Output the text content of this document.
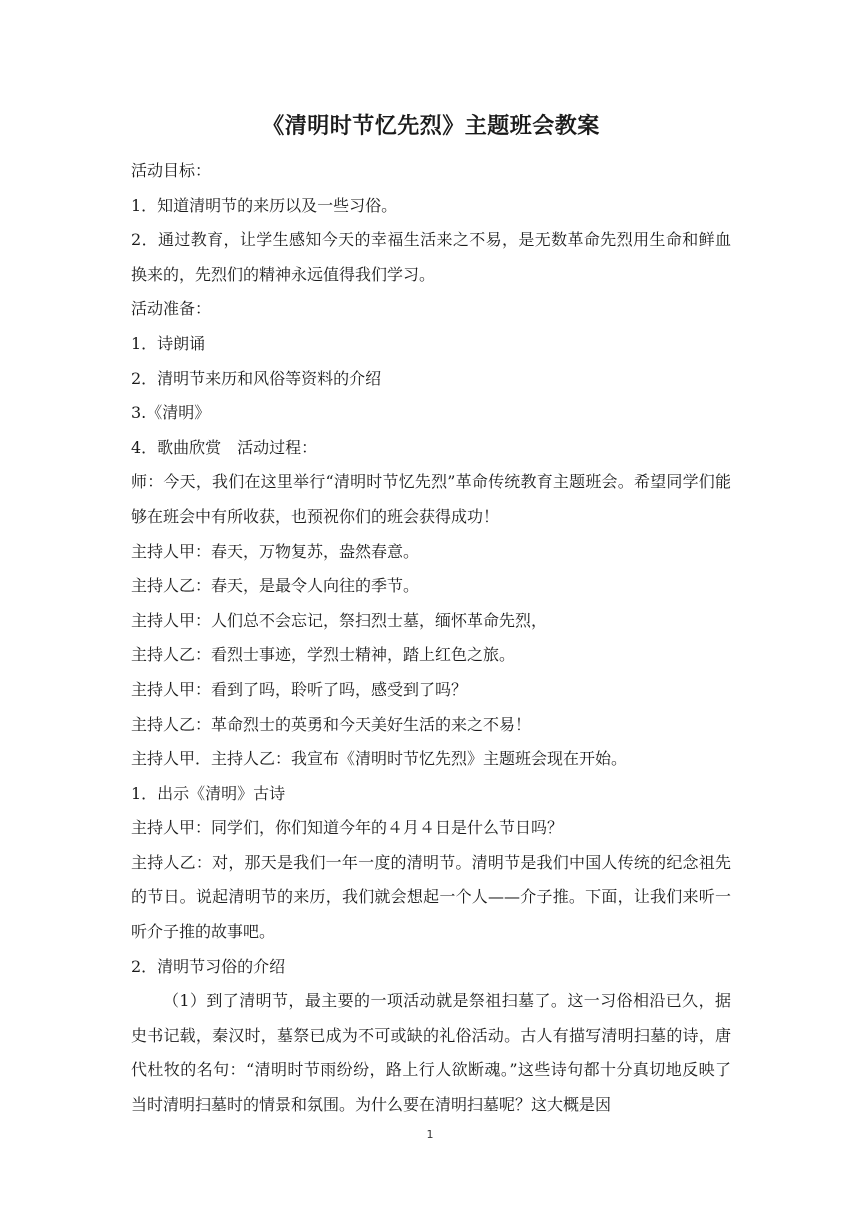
《清明时节忆先烈》主题班会教案

活动目标：

1．知道清明节的来历以及一些习俗。

2．通过教育，让学生感知今天的幸福生活来之不易，是无数革命先烈用生命和鲜血换来的，先烈们的精神永远值得我们学习。

活动准备：

1．诗朗诵

2．清明节来历和风俗等资料的介绍

3.《清明》

4．歌曲欣赏　活动过程：

师：今天，我们在这里举行“清明时节忆先烈”革命传统教育主题班会。希望同学们能够在班会中有所收获，也预祝你们的班会获得成功！

主持人甲：春天，万物复苏，盎然春意。

主持人乙：春天，是最令人向往的季节。

主持人甲：人们总不会忘记，祭扫烈士墓，缅怀革命先烈，

主持人乙：看烈士事迹，学烈士精神，踏上红色之旅。

主持人甲：看到了吗，聆听了吗，感受到了吗？

主持人乙：革命烈士的英勇和今天美好生活的来之不易！

主持人甲．主持人乙：我宣布《清明时节忆先烈》主题班会现在开始。

1．出示《清明》古诗

主持人甲：同学们，你们知道今年的４月４日是什么节日吗？

主持人乙：对，那天是我们一年一度的清明节。清明节是我们中国人传统的纪念祖先的节日。说起清明节的来历，我们就会想起一个人——介子推。下面，让我们来听一听介子推的故事吧。

2．清明节习俗的介绍

（1）到了清明节，最主要的一项活动就是祭祖扫墓了。这一习俗相沿已久，据史书记载，秦汉时，墓祭已成为不可或缺的礼俗活动。古人有描写清明扫墓的诗，唐代杜牧的名句：“清明时节雨纷纷，路上行人欲断魂。”这些诗句都十分真切地反映了当时清明扫墓时的情景和氛围。为什么要在清明扫墓呢？这大概是因

1
